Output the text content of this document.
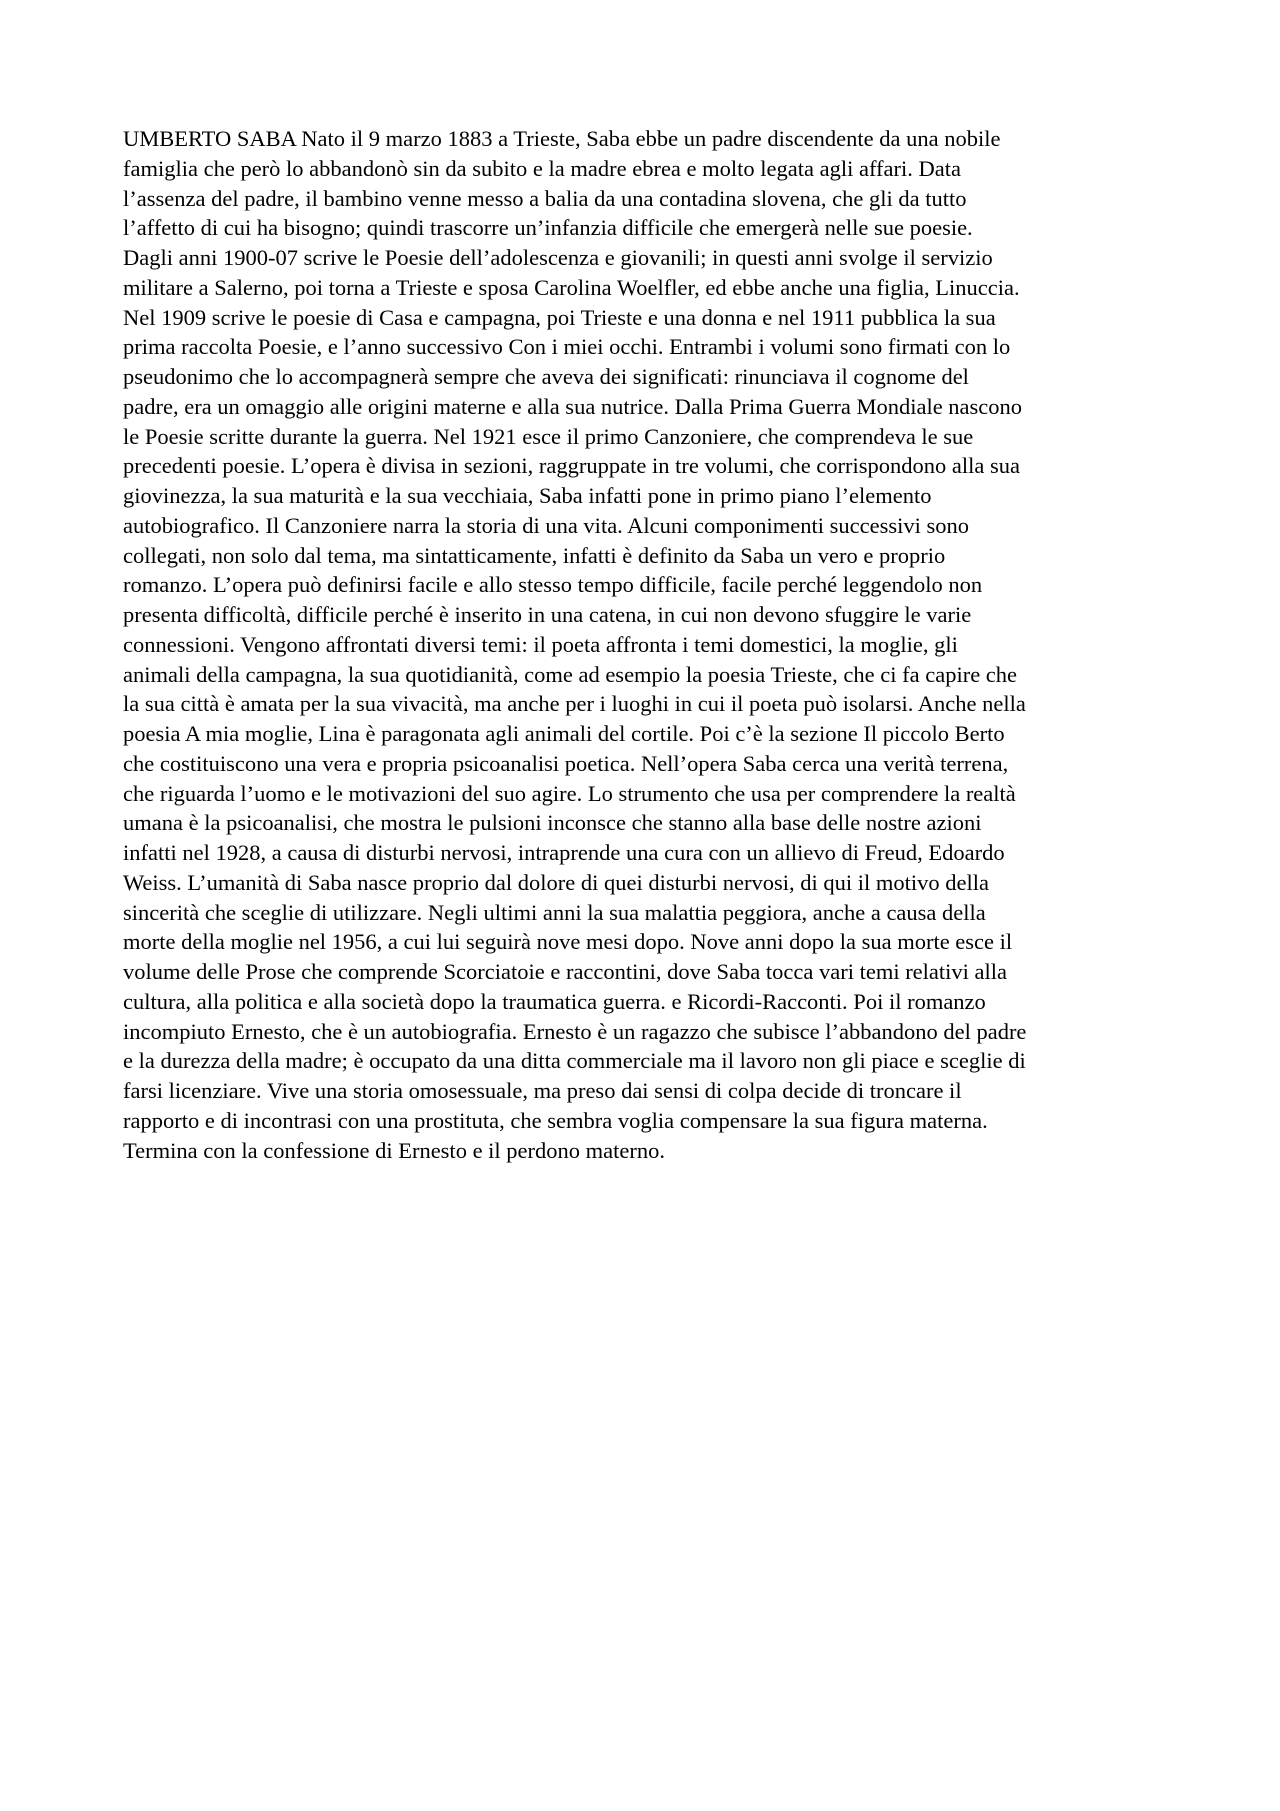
UMBERTO SABA Nato il 9 marzo 1883 a Trieste, Saba ebbe un padre discendente da una nobile
famiglia che però lo abbandonò sin da subito e la madre ebrea e molto legata agli affari. Data
l’assenza del padre, il bambino venne messo a balia da una contadina slovena, che gli da tutto
l’affetto di cui ha bisogno; quindi trascorre un’infanzia difficile che emergerà nelle sue poesie.
Dagli anni 1900-07 scrive le Poesie dell’adolescenza e giovanili; in questi anni svolge il servizio
militare a Salerno, poi torna a Trieste e sposa Carolina Woelfler, ed ebbe anche una figlia, Linuccia.
Nel 1909 scrive le poesie di Casa e campagna, poi Trieste e una donna e nel 1911 pubblica la sua
prima raccolta Poesie, e l’anno successivo Con i miei occhi. Entrambi i volumi sono firmati con lo
pseudonimo che lo accompagnerà sempre che aveva dei significati: rinunciava il cognome del
padre, era un omaggio alle origini materne e alla sua nutrice. Dalla Prima Guerra Mondiale nascono
le Poesie scritte durante la guerra. Nel 1921 esce il primo Canzoniere, che comprendeva le sue
precedenti poesie. L’opera è divisa in sezioni, raggruppate in tre volumi, che corrispondono alla sua
giovinezza, la sua maturità e la sua vecchiaia, Saba infatti pone in primo piano l’elemento
autobiografico. Il Canzoniere narra la storia di una vita. Alcuni componimenti successivi sono
collegati, non solo dal tema, ma sintatticamente, infatti è definito da Saba un vero e proprio
romanzo. L’opera può definirsi facile e allo stesso tempo difficile, facile perché leggendolo non
presenta difficoltà, difficile perché è inserito in una catena, in cui non devono sfuggire le varie
connessioni. Vengono affrontati diversi temi: il poeta affronta i temi domestici, la moglie, gli
animali della campagna, la sua quotidianità, come ad esempio la poesia Trieste, che ci fa capire che
la sua città è amata per la sua vivacità, ma anche per i luoghi in cui il poeta può isolarsi. Anche nella
poesia A mia moglie, Lina è paragonata agli animali del cortile. Poi c’è la sezione Il piccolo Berto
che costituiscono una vera e propria psicoanalisi poetica. Nell’opera Saba cerca una verità terrena,
che riguarda l’uomo e le motivazioni del suo agire. Lo strumento che usa per comprendere la realtà
umana è la psicoanalisi, che mostra le pulsioni inconsce che stanno alla base delle nostre azioni
infatti nel 1928, a causa di disturbi nervosi, intraprende una cura con un allievo di Freud, Edoardo
Weiss. L’umanità di Saba nasce proprio dal dolore di quei disturbi nervosi, di qui il motivo della
sincerità che sceglie di utilizzare. Negli ultimi anni la sua malattia peggiora, anche a causa della
morte della moglie nel 1956, a cui lui seguirà nove mesi dopo. Nove anni dopo la sua morte esce il
volume delle Prose che comprende Scorciatoie e raccontini, dove Saba tocca vari temi relativi alla
cultura, alla politica e alla società dopo la traumatica guerra. e Ricordi-Racconti. Poi il romanzo
incompiuto Ernesto, che è un autobiografia. Ernesto è un ragazzo che subisce l’abbandono del padre
e la durezza della madre; è occupato da una ditta commerciale ma il lavoro non gli piace e sceglie di
farsi licenziare. Vive una storia omosessuale, ma preso dai sensi di colpa decide di troncare il
rapporto e di incontrasi con una prostituta, che sembra voglia compensare la sua figura materna.
Termina con la confessione di Ernesto e il perdono materno.
